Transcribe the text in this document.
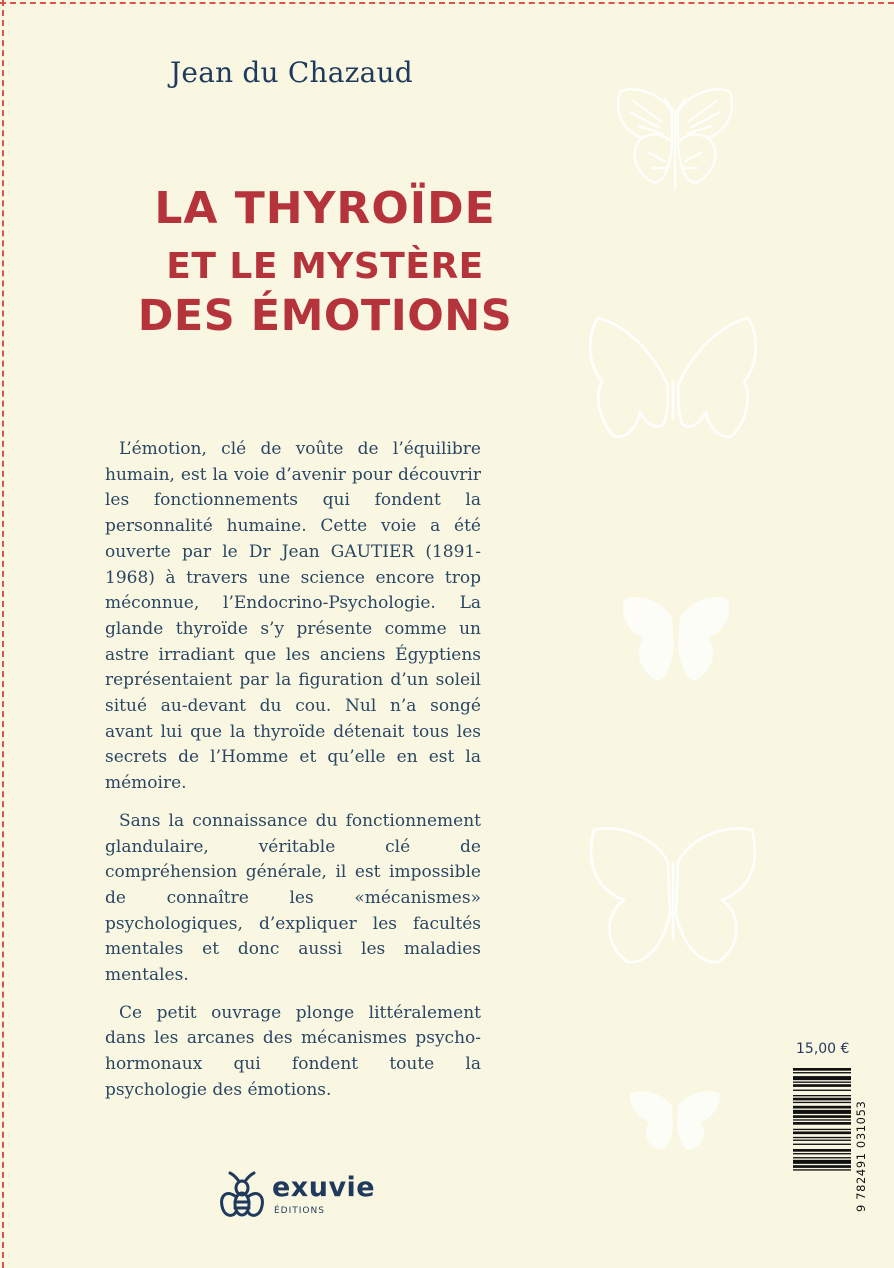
Jean du Chazaud
LA THYROÏDE
ET LE MYSTÈRE
DES ÉMOTIONS

L’émotion, clé de voûte de l’équilibre humain, est la voie d’avenir pour découvrir les fonctionnements qui fondent la personnalité humaine. Cette voie a été ouverte par le Dr Jean GAUTIER (1891-1968) à travers une science encore trop méconnue, l’Endocrino-Psychologie. La glande thyroïde s’y présente comme un astre irradiant que les anciens Égyptiens représentaient par la figuration d’un soleil situé au-devant du cou. Nul n’a songé avant lui que la thyroïde détenait tous les secrets de l’Homme et qu’elle en est la mémoire.

Sans la connaissance du fonctionnement glandulaire, véritable clé de compréhension générale, il est impossible de connaître les «mécanismes» psychologiques, d’expliquer les facultés mentales et donc aussi les maladies mentales.

Ce petit ouvrage plonge littéralement dans les arcanes des mécanismes psycho-hormonaux qui fondent toute la psychologie des émotions.

15,00 €
9 782491 031053
exuvie
ÉDITIONS
